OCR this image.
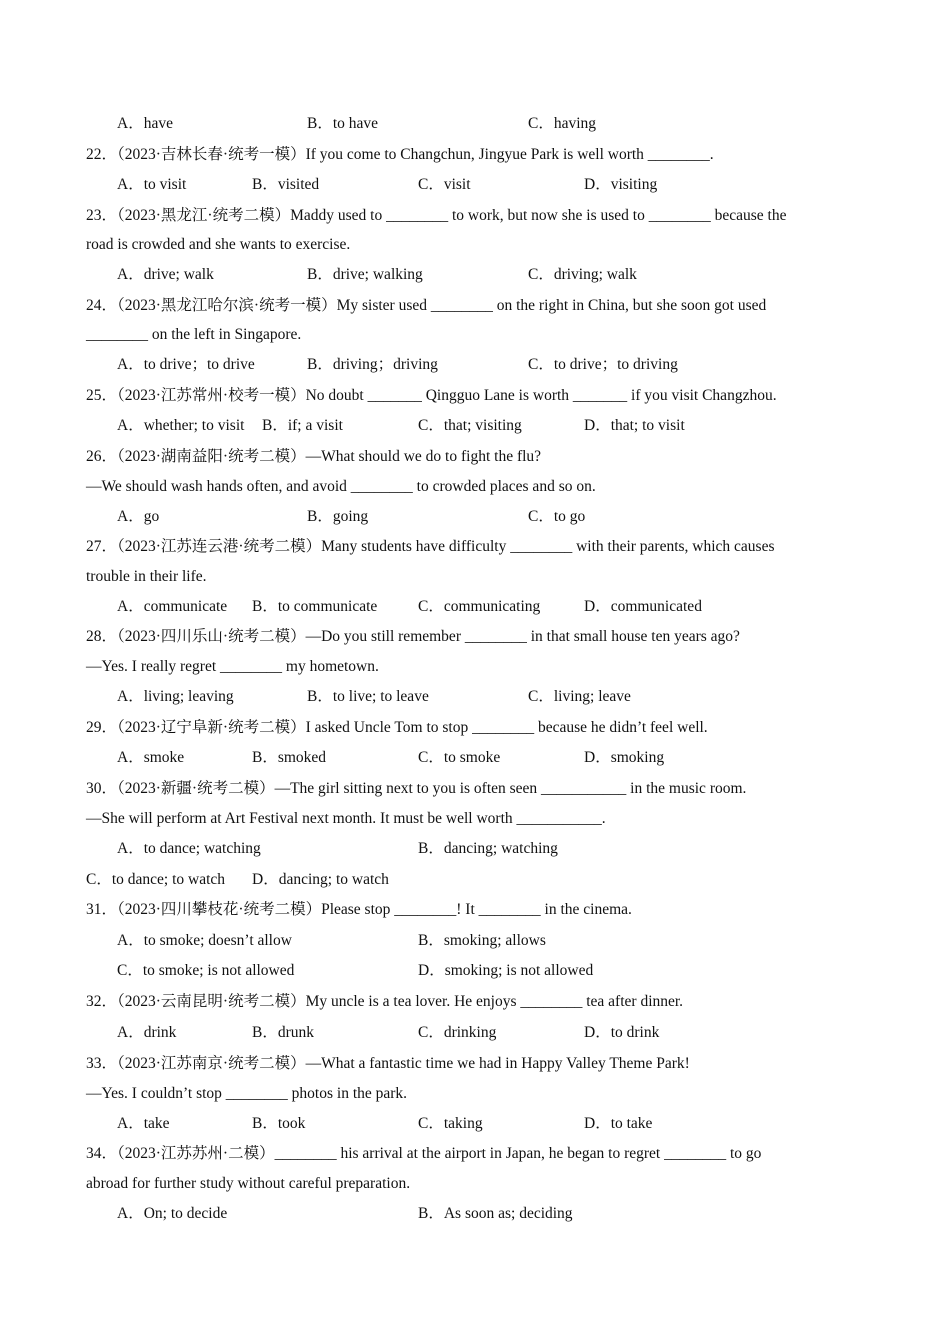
A．have	B．to have	C．having
22．（2023·吉林长春·统考一模）If you come to Changchun, Jingyue Park is well worth ________.
A．to visit	B．visited	C．visit	D．visiting
23．（2023·黑龙江·统考二模）Maddy used to ________ to work, but now she is used to ________ because the
road is crowded and she wants to exercise.
A．drive; walk	B．drive; walking	C．driving; walk
24．（2023·黑龙江哈尔滨·统考一模）My sister used ________ on the right in China, but she soon got used
________ on the left in Singapore.
A．to drive；to drive	B．driving；driving	C．to drive；to driving
25．（2023·江苏常州·校考一模）No doubt _______ Qingguo Lane is worth _______ if you visit Changzhou.
A．whether; to visit B．if; a visit	C．that; visiting	D．that; to visit
26．（2023·湖南益阳·统考二模）—What should we do to fight the flu?
—We should wash hands often, and avoid ________ to crowded places and so on.
A．go	B．going	C．to go
27．（2023·江苏连云港·统考二模）Many students have difficulty ________ with their parents, which causes
trouble in their life.
A．communicate B．to communicate	C．communicating	D．communicated
28．（2023·四川乐山·统考二模）—Do you still remember ________ in that small house ten years ago?
—Yes. I really regret ________ my hometown.
A．living; leaving	B．to live; to leave	C．living; leave
29．（2023·辽宁阜新·统考二模）I asked Uncle Tom to stop ________ because he didn’t feel well.
A．smoke	B．smoked	C．to smoke	D．smoking
30．（2023·新疆·统考二模）—The girl sitting next to you is often seen ___________ in the music room.
—She will perform at Art Festival next month. It must be well worth ___________.
A．to dance; watching	B．dancing; watching
C．to dance; to watch D．dancing; to watch
31．（2023·四川攀枝花·统考二模）Please stop ________! It ________ in the cinema.
A．to smoke; doesn’t allow	B．smoking; allows
C．to smoke; is not allowed	D．smoking; is not allowed
32．（2023·云南昆明·统考二模）My uncle is a tea lover. He enjoys ________ tea after dinner.
A．drink	B．drunk	C．drinking	D．to drink
33．（2023·江苏南京·统考二模）—What a fantastic time we had in Happy Valley Theme Park!
—Yes. I couldn’t stop ________ photos in the park.
A．take	B．took	C．taking	D．to take
34．（2023·江苏苏州·二模）________ his arrival at the airport in Japan, he began to regret ________ to go
abroad for further study without careful preparation.
A．On; to decide	B．As soon as; deciding
